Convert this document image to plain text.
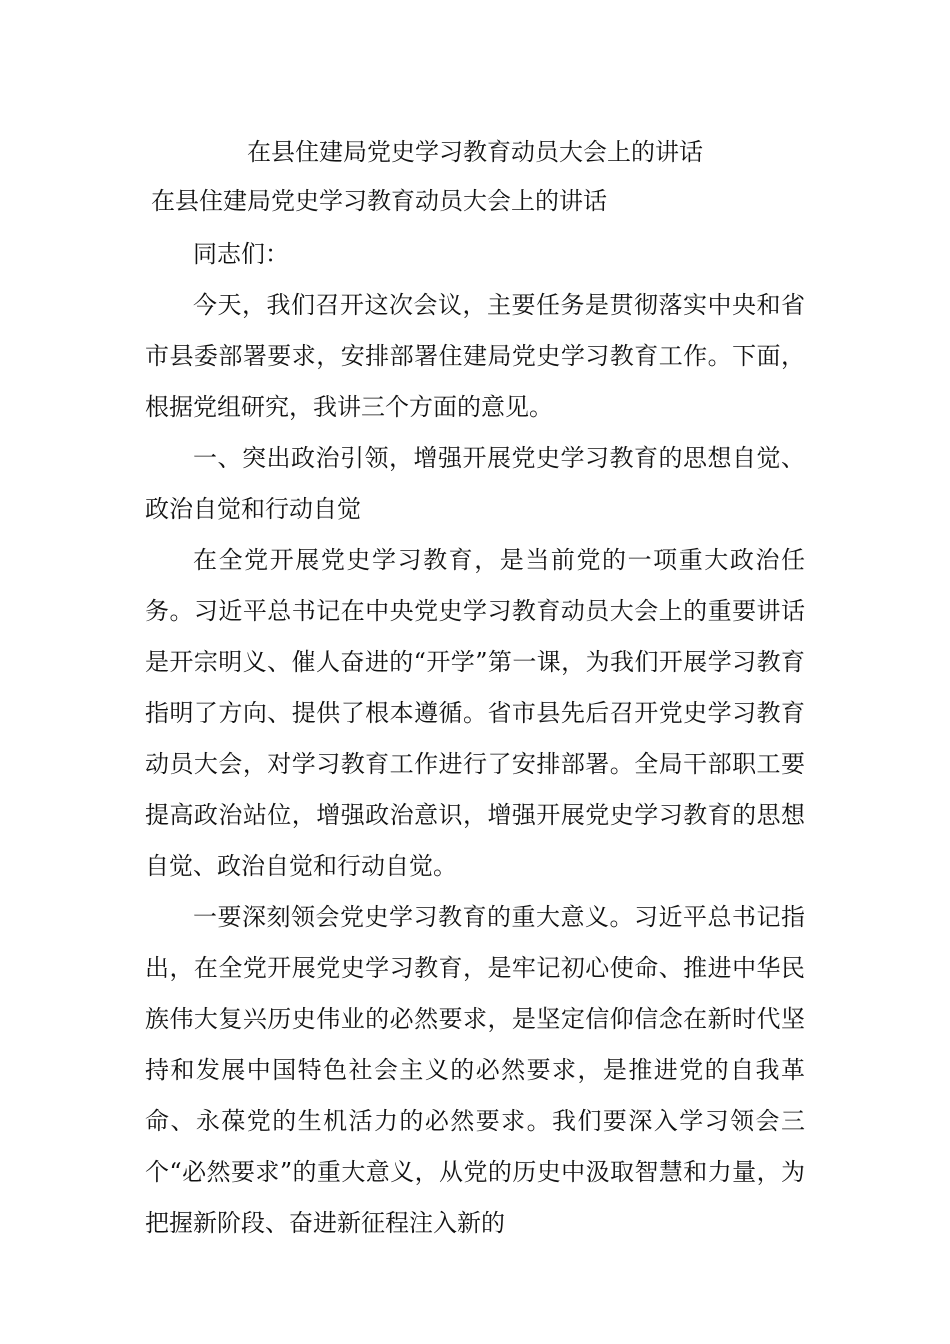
在县住建局党史学习教育动员大会上的讲话
在县住建局党史学习教育动员大会上的讲话

同志们：

今天，我们召开这次会议，主要任务是贯彻落实中央和省市县委部署要求，安排部署住建局党史学习教育工作。下面，根据党组研究，我讲三个方面的意见。

一、突出政治引领，增强开展党史学习教育的思想自觉、政治自觉和行动自觉

在全党开展党史学习教育，是当前党的一项重大政治任务。习近平总书记在中央党史学习教育动员大会上的重要讲话是开宗明义、催人奋进的“开学”第一课，为我们开展学习教育指明了方向、提供了根本遵循。省市县先后召开党史学习教育动员大会，对学习教育工作进行了安排部署。全局干部职工要提高政治站位，增强政治意识，增强开展党史学习教育的思想自觉、政治自觉和行动自觉。

一要深刻领会党史学习教育的重大意义。习近平总书记指出，在全党开展党史学习教育，是牢记初心使命、推进中华民族伟大复兴历史伟业的必然要求，是坚定信仰信念在新时代坚持和发展中国特色社会主义的必然要求，是推进党的自我革命、永葆党的生机活力的必然要求。我们要深入学习领会三个“必然要求”的重大意义，从党的历史中汲取智慧和力量，为把握新阶段、奋进新征程注入新的
